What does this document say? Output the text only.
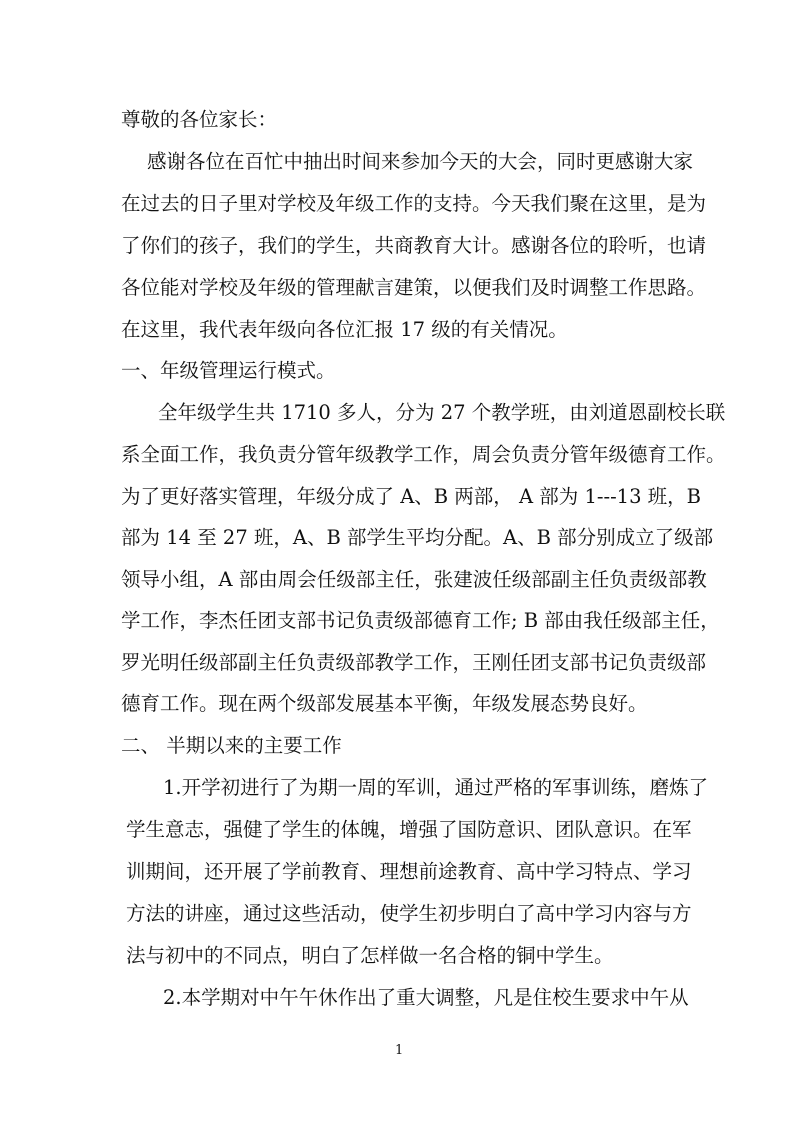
尊敬的各位家长：
感谢各位在百忙中抽出时间来参加今天的大会，同时更感谢大家
在过去的日子里对学校及年级工作的支持。今天我们聚在这里，是为
了你们的孩子，我们的学生，共商教育大计。感谢各位的聆听，也请
各位能对学校及年级的管理献言建策，以便我们及时调整工作思路。
在这里，我代表年级向各位汇报 17 级的有关情况。
一、年级管理运行模式。
全年级学生共 1710 多人，分为 27 个教学班，由刘道恩副校长联
系全面工作，我负责分管年级教学工作，周会负责分管年级德育工作。
为了更好落实管理，年级分成了 A、B 两部， A 部为 1---13 班，B
部为 14 至 27 班，A、B 部学生平均分配。A、B 部分别成立了级部
领导小组，A 部由周会任级部主任，张建波任级部副主任负责级部教
学工作，李杰任团支部书记负责级部德育工作; B 部由我任级部主任，
罗光明任级部副主任负责级部教学工作，王刚任团支部书记负责级部
德育工作。现在两个级部发展基本平衡，年级发展态势良好。
二、 半期以来的主要工作
1.开学初进行了为期一周的军训，通过严格的军事训练，磨炼了
学生意志，强健了学生的体魄，增强了国防意识、团队意识。在军
训期间，还开展了学前教育、理想前途教育、高中学习特点、学习
方法的讲座，通过这些活动，使学生初步明白了高中学习内容与方
法与初中的不同点，明白了怎样做一名合格的铜中学生。
2.本学期对中午午休作出了重大调整，凡是住校生要求中午从
1
